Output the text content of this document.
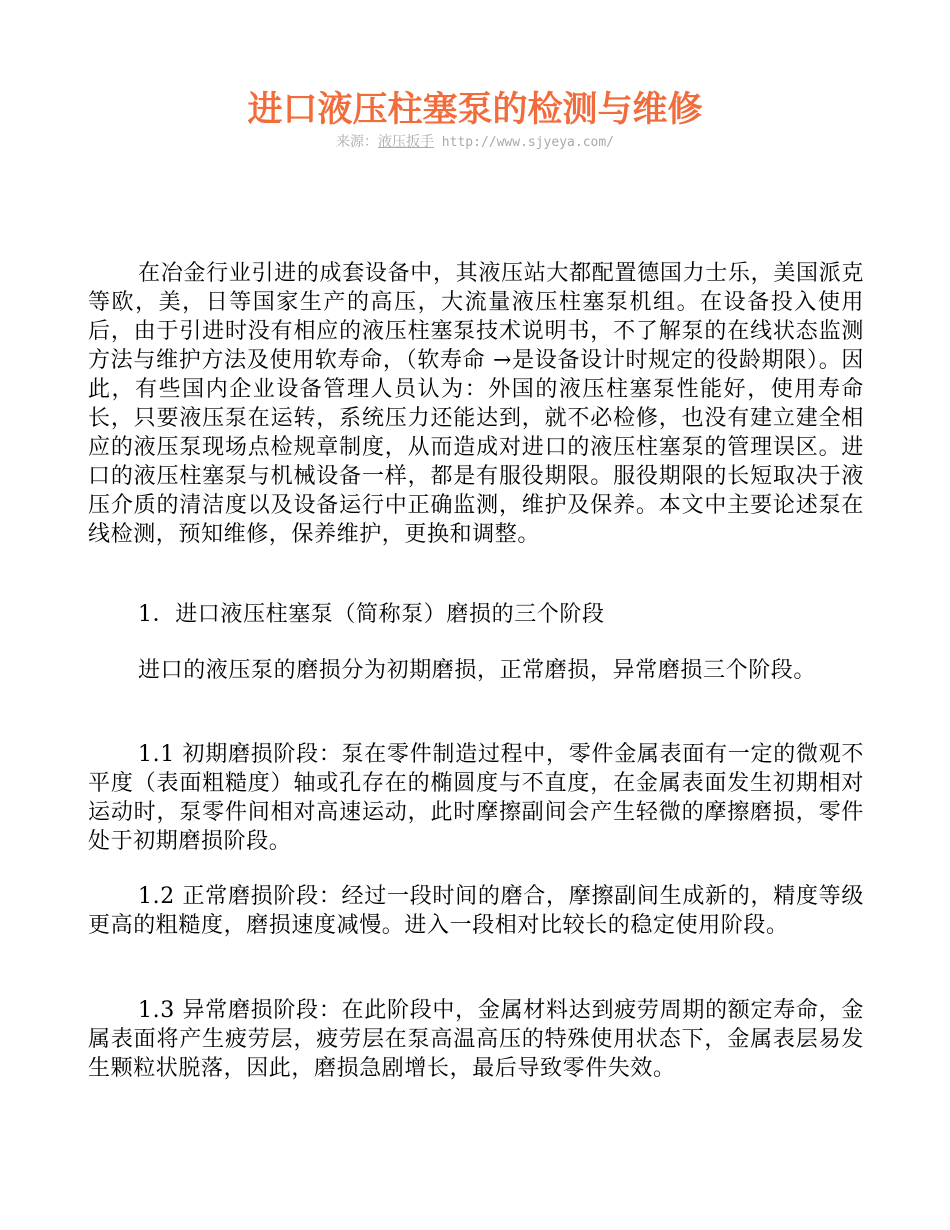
进口液压柱塞泵的检测与维修
来源：液压扳手 http://www.sjyeya.com/

在冶金行业引进的成套设备中，其液压站大都配置德国力士乐，美国派克等欧，美，日等国家生产的高压，大流量液压柱塞泵机组。在设备投入使用后，由于引进时没有相应的液压柱塞泵技术说明书，不了解泵的在线状态监测方法与维护方法及使用软寿命，（软寿命 →是设备设计时规定的役龄期限）。因此，有些国内企业设备管理人员认为：外国的液压柱塞泵性能好，使用寿命长，只要液压泵在运转，系统压力还能达到，就不必检修，也没有建立建全相应的液压泵现场点检规章制度，从而造成对进口的液压柱塞泵的管理误区。进口的液压柱塞泵与机械设备一样，都是有服役期限。服役期限的长短取决于液压介质的清洁度以及设备运行中正确监测，维护及保养。本文中主要论述泵在线检测，预知维修，保养维护，更换和调整。

1．进口液压柱塞泵（简称泵）磨损的三个阶段

进口的液压泵的磨损分为初期磨损，正常磨损，异常磨损三个阶段。

1.1 初期磨损阶段：泵在零件制造过程中，零件金属表面有一定的微观不平度（表面粗糙度）轴或孔存在的椭圆度与不直度，在金属表面发生初期相对运动时，泵零件间相对高速运动，此时摩擦副间会产生轻微的摩擦磨损，零件处于初期磨损阶段。

1.2 正常磨损阶段：经过一段时间的磨合，摩擦副间生成新的，精度等级更高的粗糙度，磨损速度减慢。进入一段相对比较长的稳定使用阶段。

1.3 异常磨损阶段：在此阶段中，金属材料达到疲劳周期的额定寿命，金属表面将产生疲劳层，疲劳层在泵高温高压的特殊使用状态下，金属表层易发生颗粒状脱落，因此，磨损急剧增长，最后导致零件失效。
